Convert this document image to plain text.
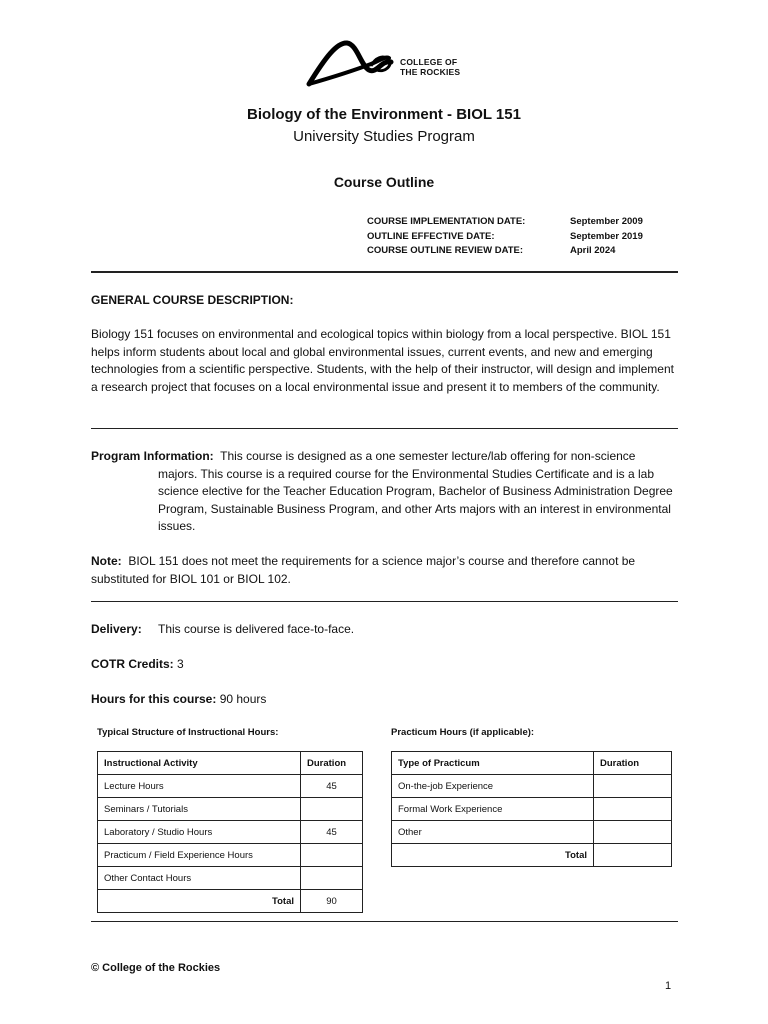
COLLEGE OF
THE ROCKIES
Biology of the Environment - BIOL 151
University Studies Program
Course Outline
COURSE IMPLEMENTATION DATE:	September 2009
OUTLINE EFFECTIVE DATE:	September 2019
COURSE OUTLINE REVIEW DATE:	April 2024
GENERAL COURSE DESCRIPTION:
Biology 151 focuses on environmental and ecological topics within biology from a local perspective. BIOL 151 helps inform students about local and global environmental issues, current events, and new and emerging technologies from a scientific perspective. Students, with the help of their instructor, will design and implement a research project that focuses on a local environmental issue and present it to members of the community.
Program Information: This course is designed as a one semester lecture/lab offering for non-science
majors. This course is a required course for the Environmental Studies Certificate and is a lab science elective for the Teacher Education Program, Bachelor of Business Administration Degree Program, Sustainable Business Program, and other Arts majors with an interest in environmental issues.
Note: BIOL 151 does not meet the requirements for a science major’s course and therefore cannot be substituted for BIOL 101 or BIOL 102.
Delivery: This course is delivered face-to-face.
COTR Credits: 3
Hours for this course: 90 hours
Typical Structure of Instructional Hours:
Instructional Activity	Duration
Lecture Hours	45
Seminars / Tutorials	
Laboratory / Studio Hours	45
Practicum / Field Experience Hours	
Other Contact Hours	
Total	90
Practicum Hours (if applicable):
Type of Practicum	Duration
On-the-job Experience	
Formal Work Experience	
Other	
Total	
© College of the Rockies
1
